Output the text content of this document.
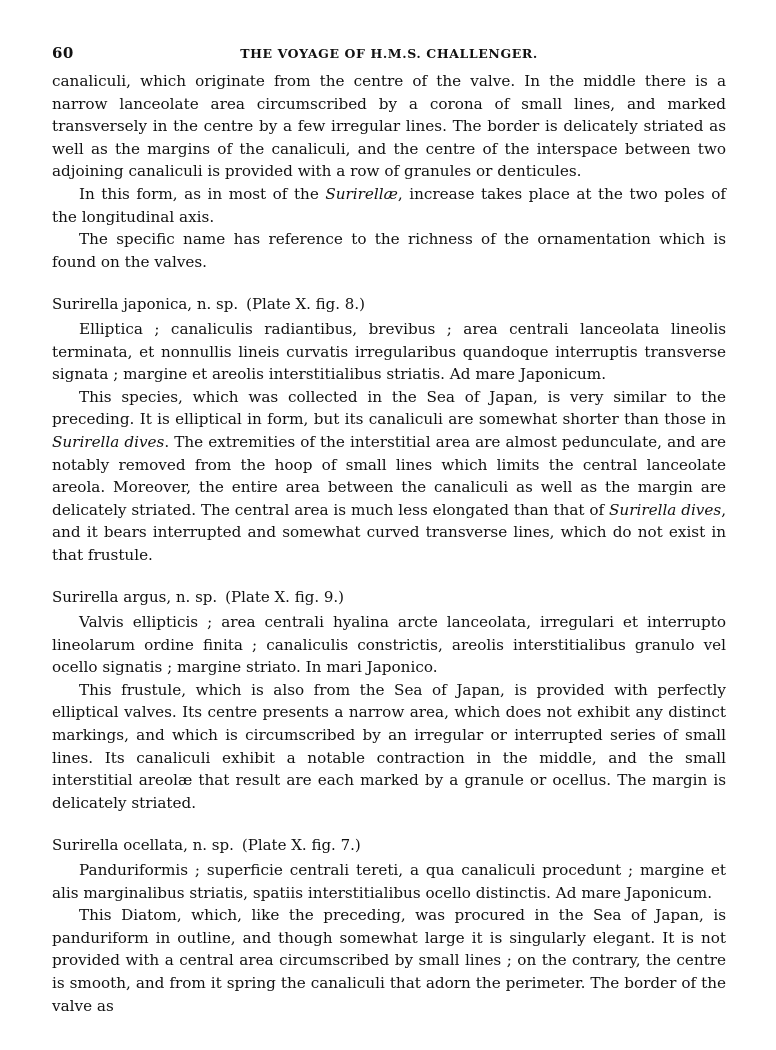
60	THE VOYAGE OF H.M.S. CHALLENGER.

canaliculi, which originate from the centre of the valve. In the middle there is a narrow lanceolate area circumscribed by a corona of small lines, and marked transversely in the centre by a few irregular lines. The border is delicately striated as well as the margins of the canaliculi, and the centre of the interspace between two adjoining canaliculi is provided with a row of granules or denticules.

In this form, as in most of the Surirellæ, increase takes place at the two poles of the longitudinal axis.

The specific name has reference to the richness of the ornamentation which is found on the valves.

Surirella japonica, n. sp. (Plate X. fig. 8.)

Elliptica ; canaliculis radiantibus, brevibus ; area centrali lanceolata lineolis terminata, et nonnullis lineis curvatis irregularibus quandoque interruptis transverse signata ; margine et areolis interstitialibus striatis. Ad mare Japonicum.

This species, which was collected in the Sea of Japan, is very similar to the preceding. It is elliptical in form, but its canaliculi are somewhat shorter than those in Surirella dives. The extremities of the interstitial area are almost pedunculate, and are notably removed from the hoop of small lines which limits the central lanceolate areola. Moreover, the entire area between the canaliculi as well as the margin are delicately striated. The central area is much less elongated than that of Surirella dives, and it bears interrupted and somewhat curved transverse lines, which do not exist in that frustule.

Surirella argus, n. sp. (Plate X. fig. 9.)

Valvis ellipticis ; area centrali hyalina arcte lanceolata, irregulari et interrupto lineolarum ordine finita ; canaliculis constrictis, areolis interstitialibus granulo vel ocello signatis ; margine striato. In mari Japonico.

This frustule, which is also from the Sea of Japan, is provided with perfectly elliptical valves. Its centre presents a narrow area, which does not exhibit any distinct markings, and which is circumscribed by an irregular or interrupted series of small lines. Its canaliculi exhibit a notable contraction in the middle, and the small interstitial areolæ that result are each marked by a granule or ocellus. The margin is delicately striated.

Surirella ocellata, n. sp. (Plate X. fig. 7.)

Panduriformis ; superficie centrali tereti, a qua canaliculi procedunt ; margine et alis marginalibus striatis, spatiis interstitialibus ocello distinctis. Ad mare Japonicum.

This Diatom, which, like the preceding, was procured in the Sea of Japan, is panduriform in outline, and though somewhat large it is singularly elegant. It is not provided with a central area circumscribed by small lines ; on the contrary, the centre is smooth, and from it spring the canaliculi that adorn the perimeter. The border of the valve as
